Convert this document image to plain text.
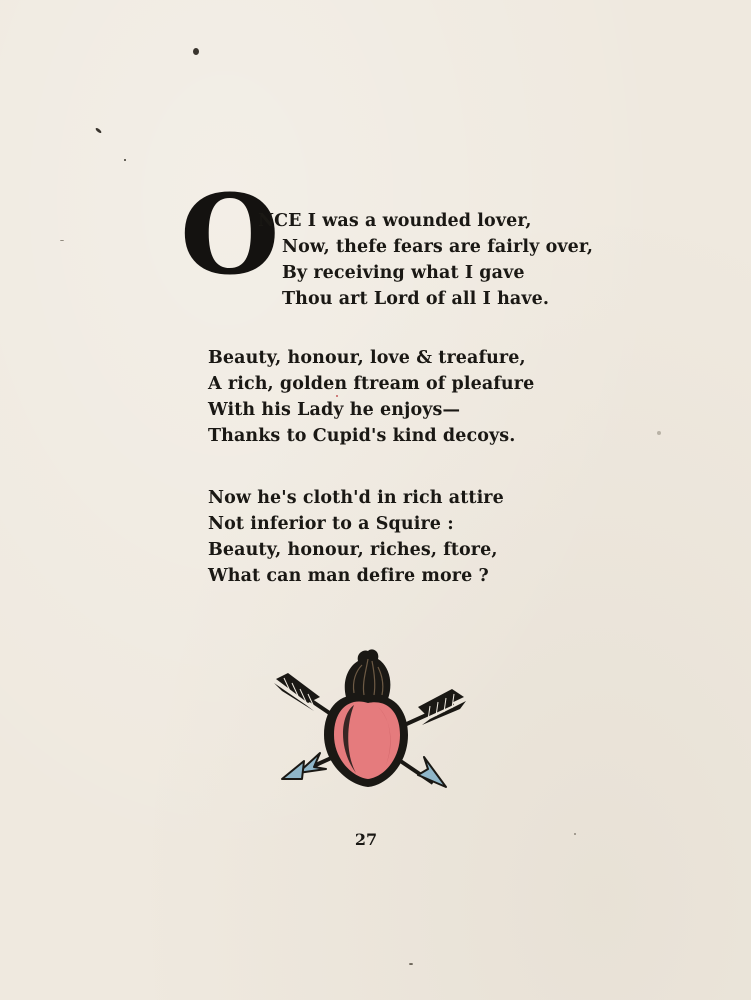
O
NCE I was a wounded lover,
Now, thefe fears are fairly over,
By receiving what I gave
Thou art Lord of all I have.
Beauty, honour, love & treafure,
A rich, golden ftream of pleafure
With his Lady he enjoys—
Thanks to Cupid's kind decoys.
Now he's cloth'd in rich attire
Not inferior to a Squire :
Beauty, honour, riches, ftore,
What can man defire more ?
27
